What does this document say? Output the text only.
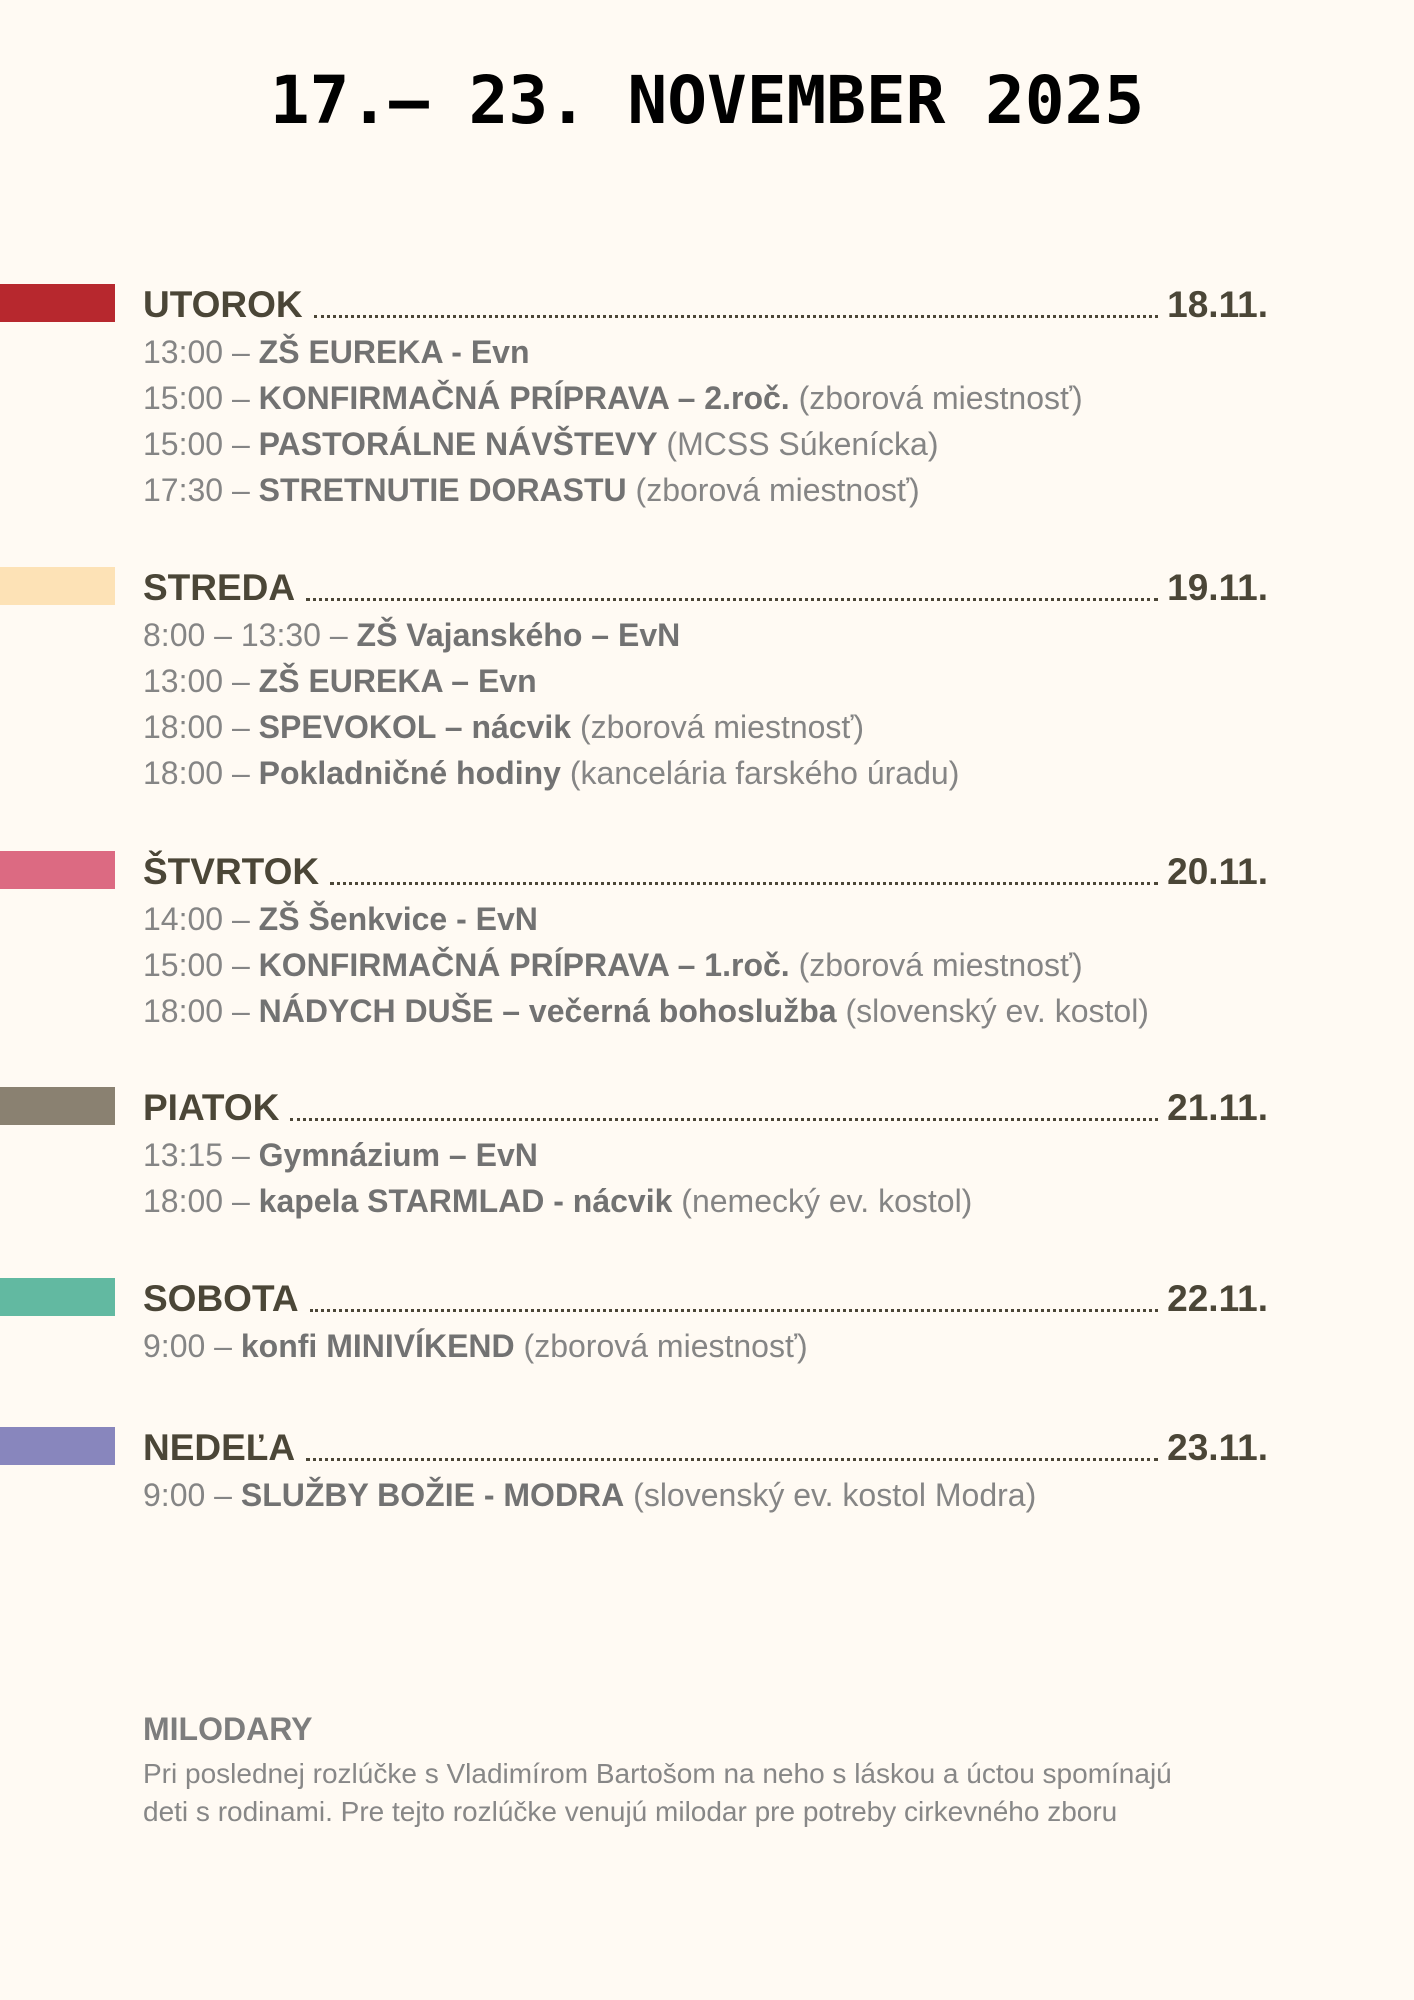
17.– 23. NOVEMBER 2025
UTOROK	18.11.
13:00 – ZŠ EUREKA - Evn
15:00 – KONFIRMAČNÁ PRÍPRAVA – 2.roč. (zborová miestnosť)
15:00 – PASTORÁLNE NÁVŠTEVY (MCSS Súkenícka)
17:30 – STRETNUTIE DORASTU (zborová miestnosť)
STREDA	19.11.
8:00 – 13:30 – ZŠ Vajanského – EvN
13:00 – ZŠ EUREKA – Evn
18:00 – SPEVOKOL – nácvik (zborová miestnosť)
18:00 – Pokladničné hodiny (kancelária farského úradu)
ŠTVRTOK	20.11.
14:00 – ZŠ Šenkvice - EvN
15:00 – KONFIRMAČNÁ PRÍPRAVA – 1.roč. (zborová miestnosť)
18:00 – NÁDYCH DUŠE – večerná bohoslužba (slovenský ev. kostol)
PIATOK	21.11.
13:15 – Gymnázium – EvN
18:00 – kapela STARMLAD - nácvik (nemecký ev. kostol)
SOBOTA	22.11.
9:00 – konfi MINIVÍKEND (zborová miestnosť)
NEDEĽA	23.11.
9:00 – SLUŽBY BOŽIE - MODRA (slovenský ev. kostol Modra)
MILODARY
Pri poslednej rozlúčke s Vladimírom Bartošom na neho s láskou a úctou spomínajú
deti s rodinami. Pre tejto rozlúčke venujú milodar pre potreby cirkevného zboru
